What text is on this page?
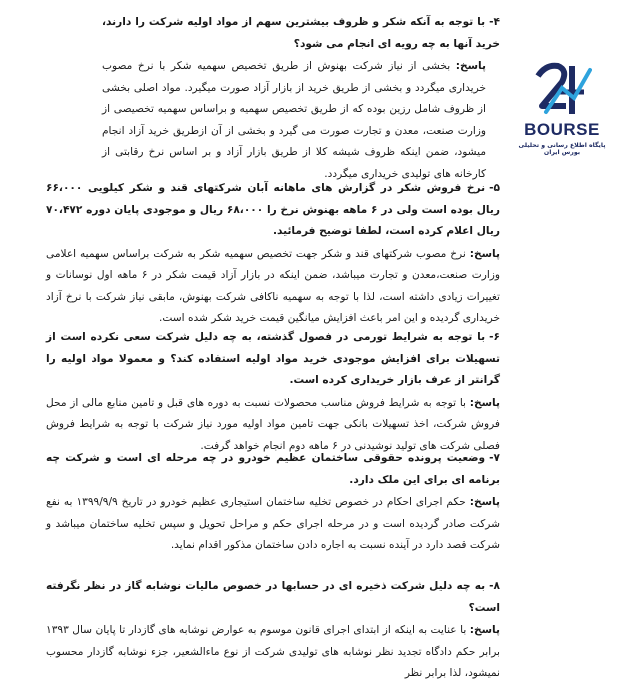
BOURSE
پایگاه اطلاع رسانی و تحلیلی بورس ایران

۴-با توجه به آنکه شکر و ظروف بیشترین سهم از مواد اولیه شرکت را دارند، خرید آنها به چه رویه ای انجام می شود؟

پاسخ: بخشی از نیاز شرکت بهنوش از طریق تخصیص سهمیه شکر با نرخ مصوب خریداری میگردد و بخشی از طریق خرید از بازار آزاد صورت میگیرد. مواد اصلی بخشی از ظروف شامل رزین بوده که از طریق تخصیص سهمیه و براساس سهمیه تخصیصی از وزارت صنعت، معدن و تجارت صورت می گیرد و بخشی از آن ازطریق خرید آزاد انجام میشود، ضمن اینکه ظروف شیشه کلا از طریق بازار آزاد و بر اساس نرخ رقابتی از کارخانه های تولیدی خریداری میگردد.

۵-نرخ فروش شکر در گزارش های ماهانه آبان شرکتهای قند و شکر کیلویی ۶۶،۰۰۰ ریال بوده است ولی در ۶ ماهه بهنوش نرخ را ۶۸،۰۰۰ ریال و موجودی پایان دوره ۷۰،۴۷۲ ریال اعلام کرده است، لطفا توضیح فرمائید.

پاسخ: نرخ مصوب شرکتهای قند و شکر جهت تخصیص سهمیه شکر به شرکت براساس سهمیه اعلامی وزارت صنعت،معدن و تجارت میباشد، ضمن اینکه در بازار آزاد قیمت شکر در ۶ ماهه اول نوسانات و تغییرات زیادی داشته است، لذا با توجه به سهمیه ناکافی شرکت بهنوش، مابقی نیاز شرکت با نرخ آزاد خریداری گردیده و این امر باعث افزایش میانگین قیمت خرید شکر شده است.

۶-با توجه به شرایط تورمی در فصول گذشته، به چه دلیل شرکت سعی نکرده است از تسهیلات برای افزایش موجودی خرید مواد اولیه استفاده کند؟ و معمولا مواد اولیه را گرانتر از عرف بازار خریداری کرده است.

پاسخ: با توجه به شرایط فروش مناسب محصولات نسبت به دوره های قبل و تامین منابع مالی از محل فروش شرکت، اخذ تسهیلات بانکی جهت تامین مواد اولیه مورد نیاز شرکت با توجه به شرایط فروش فصلی شرکت های تولید نوشیدنی در ۶ ماهه دوم انجام خواهد گرفت.

۷-وضعیت پرونده حقوقی ساختمان عظیم خودرو در چه مرحله ای است و شرکت چه برنامه ای برای این ملک دارد.

پاسخ: حکم اجرای احکام در خصوص تخلیه ساختمان استیجاری عظیم خودرو در تاریخ ۱۳۹۹/۹/۹ به نفع شرکت صادر گردیده است و در مرحله اجرای حکم و مراحل تحویل و سپس تخلیه ساختمان میباشد و شرکت قصد دارد در آینده نسبت به اجاره دادن ساختمان مذکور اقدام نماید.

۸-به چه دلیل شرکت ذخیره ای در حسابها در خصوص مالیات نوشابه گاز در نظر نگرفته است؟

پاسخ: با عنایت به اینکه از ابتدای اجرای قانون موسوم به عوارض نوشابه های گازدار تا پایان سال ۱۳۹۳ برابر حکم دادگاه تجدید نظر نوشابه های تولیدی شرکت از نوع ماءالشعیر، جزء نوشابه گازدار محسوب نمیشود، لذا برابر نظر
